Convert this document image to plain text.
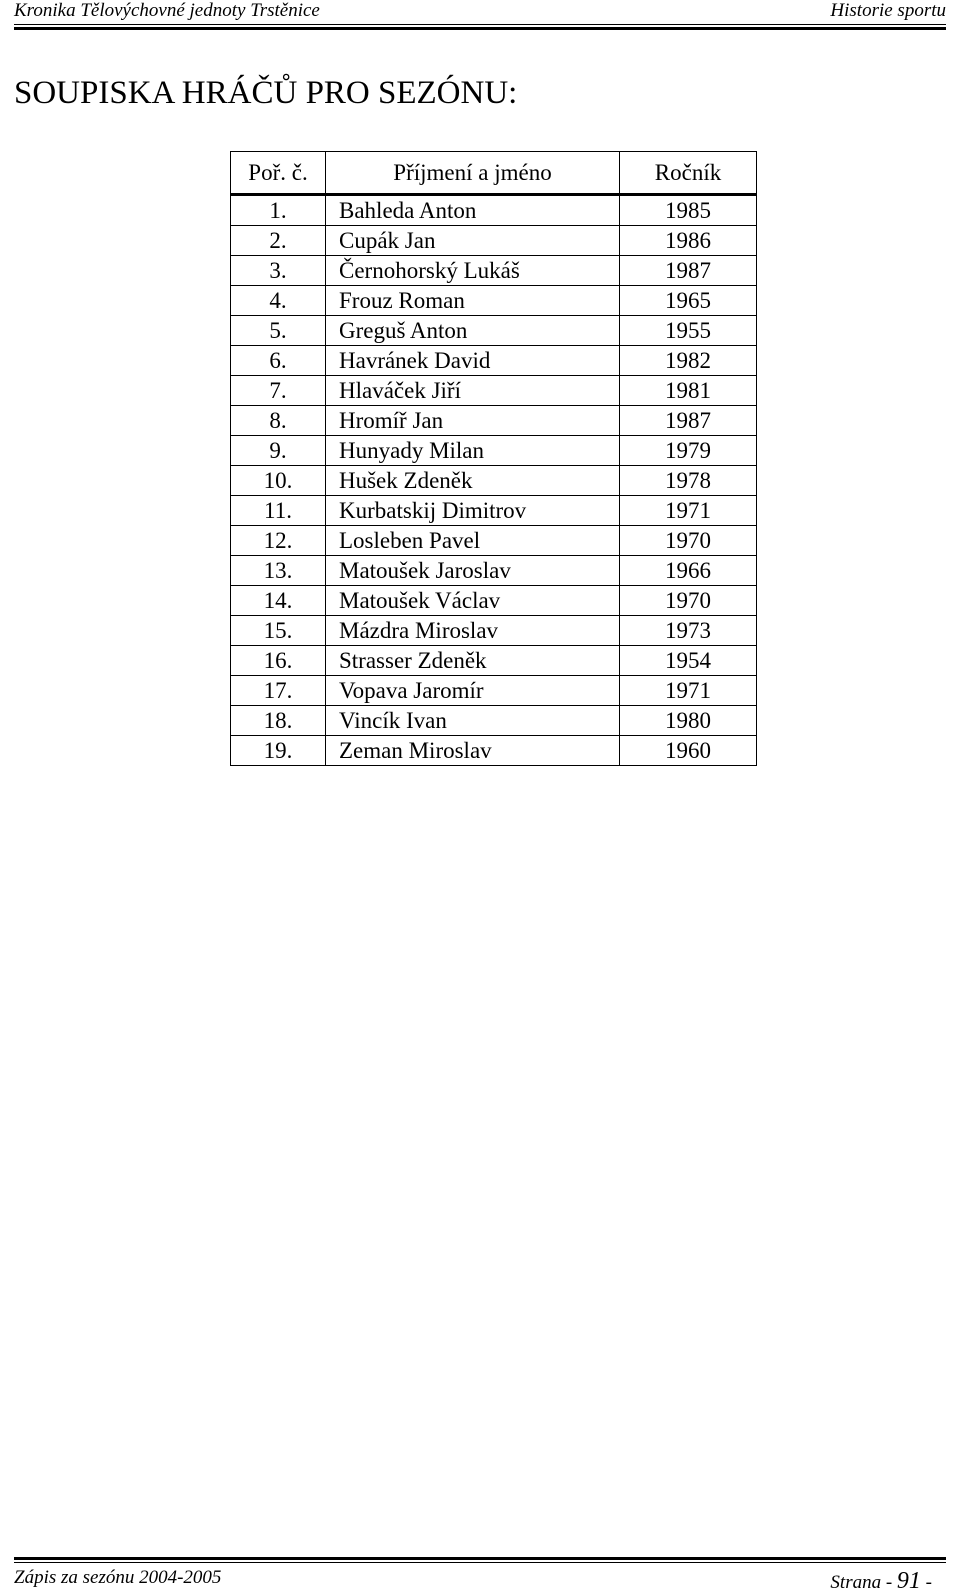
Kronika Tělovýchovné jednoty Trstěnice	Historie sportu
SOUPISKA HRÁČŮ PRO SEZÓNU:
Poř. č.	Příjmení a jméno	Ročník
1.	Bahleda Anton	1985
2.	Cupák Jan	1986
3.	Černohorský Lukáš	1987
4.	Frouz Roman	1965
5.	Greguš Anton	1955
6.	Havránek David	1982
7.	Hlaváček Jiří	1981
8.	Hromíř Jan	1987
9.	Hunyady Milan	1979
10.	Hušek Zdeněk	1978
11.	Kurbatskij Dimitrov	1971
12.	Losleben Pavel	1970
13.	Matoušek Jaroslav	1966
14.	Matoušek Václav	1970
15.	Mázdra Miroslav	1973
16.	Strasser Zdeněk	1954
17.	Vopava Jaromír	1971
18.	Vincík Ivan	1980
19.	Zeman Miroslav	1960
Zápis za sezónu 2004-2005	Strana - 91 -
